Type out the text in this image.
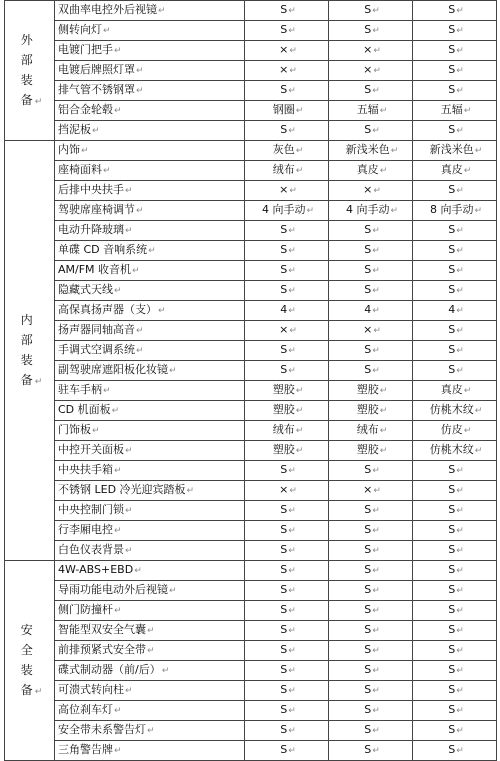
外部装备 ↵	双曲率电控外后视镜↵	S↵	S↵	S↵
	侧转向灯↵	S↵	S↵	S↵
	电镀门把手↵	×↵	×↵	S↵
	电镀后牌照灯罩↵	×↵	×↵	S↵
	排气管不锈钢罩↵	S↵	S↵	S↵
	铝合金轮毂↵	钢圈↵	五辐↵	五辐↵
	挡泥板↵	S↵	S↵	S↵
内部装备 ↵	内饰↵	灰色↵	新浅米色↵	新浅米色↵
	座椅面料↵	绒布↵	真皮↵	真皮↵
	后排中央扶手↵	×↵	×↵	S↵
	驾驶席座椅调节↵	4 向手动↵	4 向手动↵	8 向手动↵
	电动升降玻璃↵	S↵	S↵	S↵
	单碟 CD 音响系统↵	S↵	S↵	S↵
	AM/FM 收音机↵	S↵	S↵	S↵
	隐藏式天线↵	S↵	S↵	S↵
	高保真扬声器（支）↵	4↵	4↵	4↵
	扬声器同轴高音↵	×↵	×↵	S↵
	手调式空调系统↵	S↵	S↵	S↵
	副驾驶席遮阳板化妆镜↵	S↵	S↵	S↵
	驻车手柄↵	塑胶↵	塑胶↵	真皮↵
	CD 机面板↵	塑胶↵	塑胶↵	仿桃木纹↵
	门饰板↵	绒布↵	绒布↵	仿皮↵
	中控开关面板↵	塑胶↵	塑胶↵	仿桃木纹↵
	中央扶手箱↵	S↵	S↵	S↵
	不锈钢 LED 冷光迎宾踏板↵	×↵	×↵	S↵
	中央控制门锁↵	S↵	S↵	S↵
	行李厢电控↵	S↵	S↵	S↵
	白色仪表背景↵	S↵	S↵	S↵
安全装备 ↵	4W-ABS+EBD↵	S↵	S↵	S↵
	导雨功能电动外后视镜↵	S↵	S↵	S↵
	侧门防撞杆↵	S↵	S↵	S↵
	智能型双安全气囊↵	S↵	S↵	S↵
	前排预紧式安全带↵	S↵	S↵	S↵
	碟式制动器（前/后）↵	S↵	S↵	S↵
	可溃式转向柱↵	S↵	S↵	S↵
	高位刹车灯↵	S↵	S↵	S↵
	安全带未系警告灯↵	S↵	S↵	S↵
	三角警告牌↵	S↵	S↵	S↵
